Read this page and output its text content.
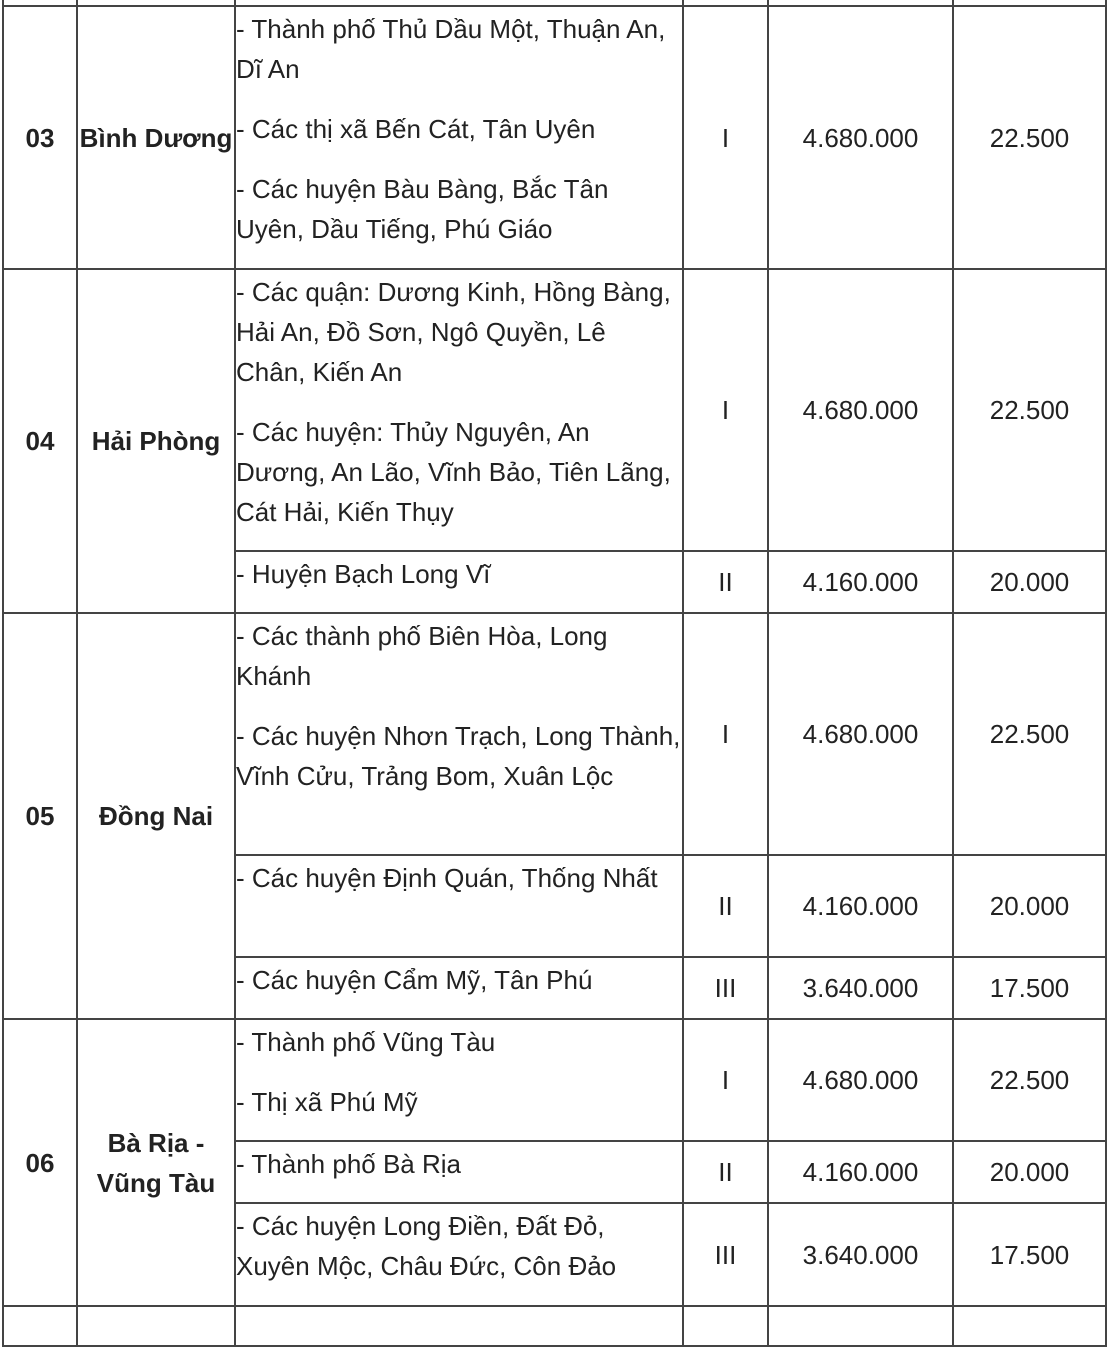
03	Bình Dương	- Thành phố Thủ Dầu Một, Thuận An, Dĩ An

- Các thị xã Bến Cát, Tân Uyên

- Các huyện Bàu Bàng, Bắc Tân Uyên, Dầu Tiếng, Phú Giáo	I	4.680.000	22.500
04	Hải Phòng	- Các quận: Dương Kinh, Hồng Bàng, Hải An, Đồ Sơn, Ngô Quyền, Lê Chân, Kiến An

- Các huyện: Thủy Nguyên, An Dương, An Lão, Vĩnh Bảo, Tiên Lãng, Cát Hải, Kiến Thụy	I	4.680.000	22.500

		- Huyện Bạch Long Vĩ	II	4.160.000	20.000
05	Đồng Nai	- Các thành phố Biên Hòa, Long Khánh

- Các huyện Nhơn Trạch, Long Thành, Vĩnh Cửu, Trảng Bom, Xuân Lộc	I	4.680.000	22.500

		- Các huyện Định Quán, Thống Nhất	II	4.160.000	20.000

		- Các huyện Cẩm Mỹ, Tân Phú	III	3.640.000	17.500
06	Bà Rịa - Vũng Tàu	- Thành phố Vũng Tàu

- Thị xã Phú Mỹ	I	4.680.000	22.500

		- Thành phố Bà Rịa	II	4.160.000	20.000

		- Các huyện Long Điền, Đất Đỏ, Xuyên Mộc, Châu Đức, Côn Đảo	III	3.640.000	17.500
